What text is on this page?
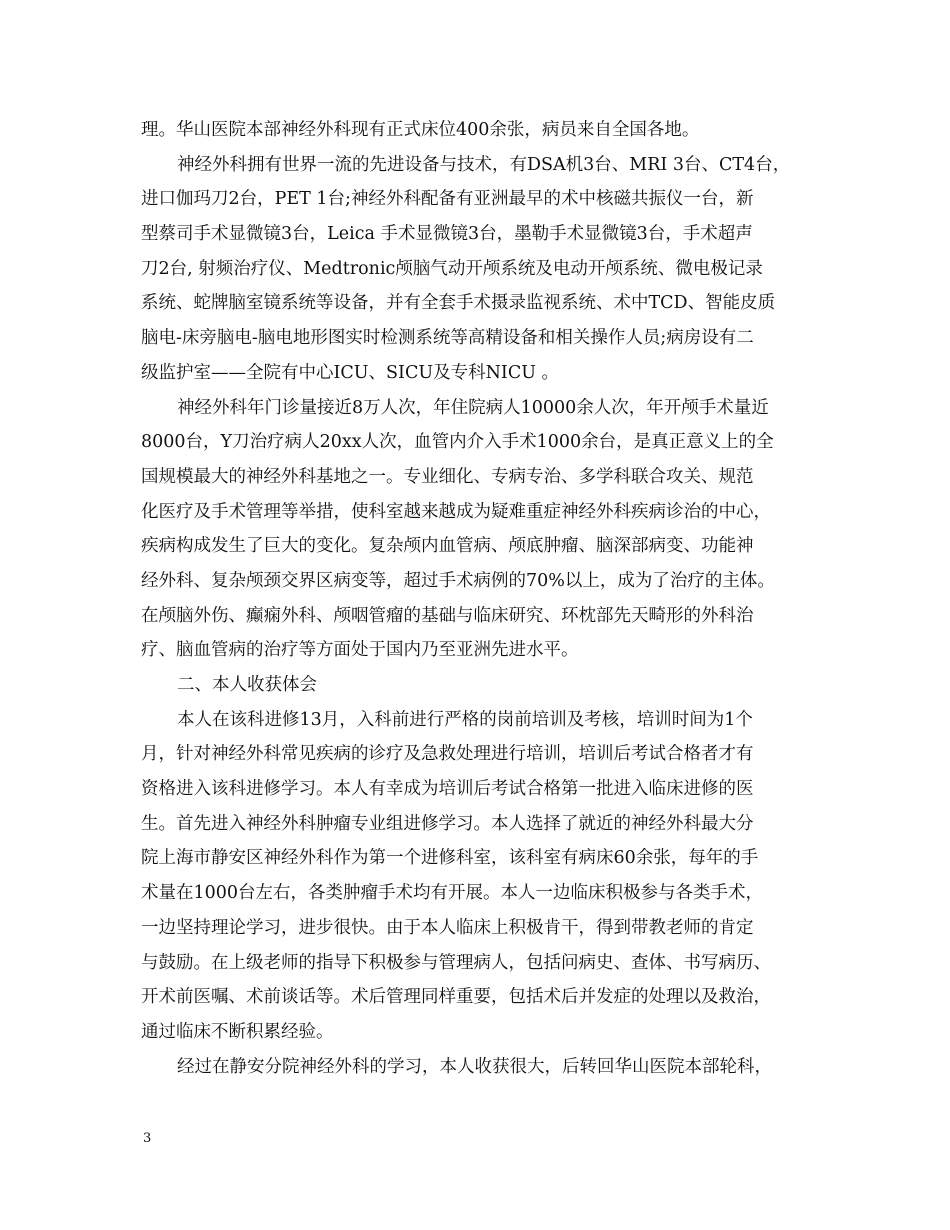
理。华山医院本部神经外科现有正式床位400余张，病员来自全国各地。
神经外科拥有世界一流的先进设备与技术，有DSA机3台、MRI 3台、CT4台，
进口伽玛刀2台，PET 1台;神经外科配备有亚洲最早的术中核磁共振仪一台，新
型蔡司手术显微镜3台，Leica 手术显微镜3台，墨勒手术显微镜3台，手术超声
刀2台, 射频治疗仪、Medtronic颅脑气动开颅系统及电动开颅系统、微电极记录
系统、蛇牌脑室镜系统等设备，并有全套手术摄录监视系统、术中TCD、智能皮质
脑电-床旁脑电-脑电地形图实时检测系统等高精设备和相关操作人员;病房设有二
级监护室——全院有中心ICU、SICU及专科NICU 。
神经外科年门诊量接近8万人次，年住院病人10000余人次，年开颅手术量近
8000台，Y刀治疗病人20xx人次，血管内介入手术1000余台，是真正意义上的全
国规模最大的神经外科基地之一。专业细化、专病专治、多学科联合攻关、规范
化医疗及手术管理等举措，使科室越来越成为疑难重症神经外科疾病诊治的中心，
疾病构成发生了巨大的变化。复杂颅内血管病、颅底肿瘤、脑深部病变、功能神
经外科、复杂颅颈交界区病变等，超过手术病例的70%以上，成为了治疗的主体。
在颅脑外伤、癫痫外科、颅咽管瘤的基础与临床研究、环枕部先天畸形的外科治
疗、脑血管病的治疗等方面处于国内乃至亚洲先进水平。
二、本人收获体会
本人在该科进修13月，入科前进行严格的岗前培训及考核，培训时间为1个
月，针对神经外科常见疾病的诊疗及急救处理进行培训，培训后考试合格者才有
资格进入该科进修学习。本人有幸成为培训后考试合格第一批进入临床进修的医
生。首先进入神经外科肿瘤专业组进修学习。本人选择了就近的神经外科最大分
院上海市静安区神经外科作为第一个进修科室，该科室有病床60余张，每年的手
术量在1000台左右，各类肿瘤手术均有开展。本人一边临床积极参与各类手术，
一边坚持理论学习，进步很快。由于本人临床上积极肯干，得到带教老师的肯定
与鼓励。在上级老师的指导下积极参与管理病人，包括问病史、查体、书写病历、
开术前医嘱、术前谈话等。术后管理同样重要，包括术后并发症的处理以及救治，
通过临床不断积累经验。
经过在静安分院神经外科的学习，本人收获很大，后转回华山医院本部轮科，
3
